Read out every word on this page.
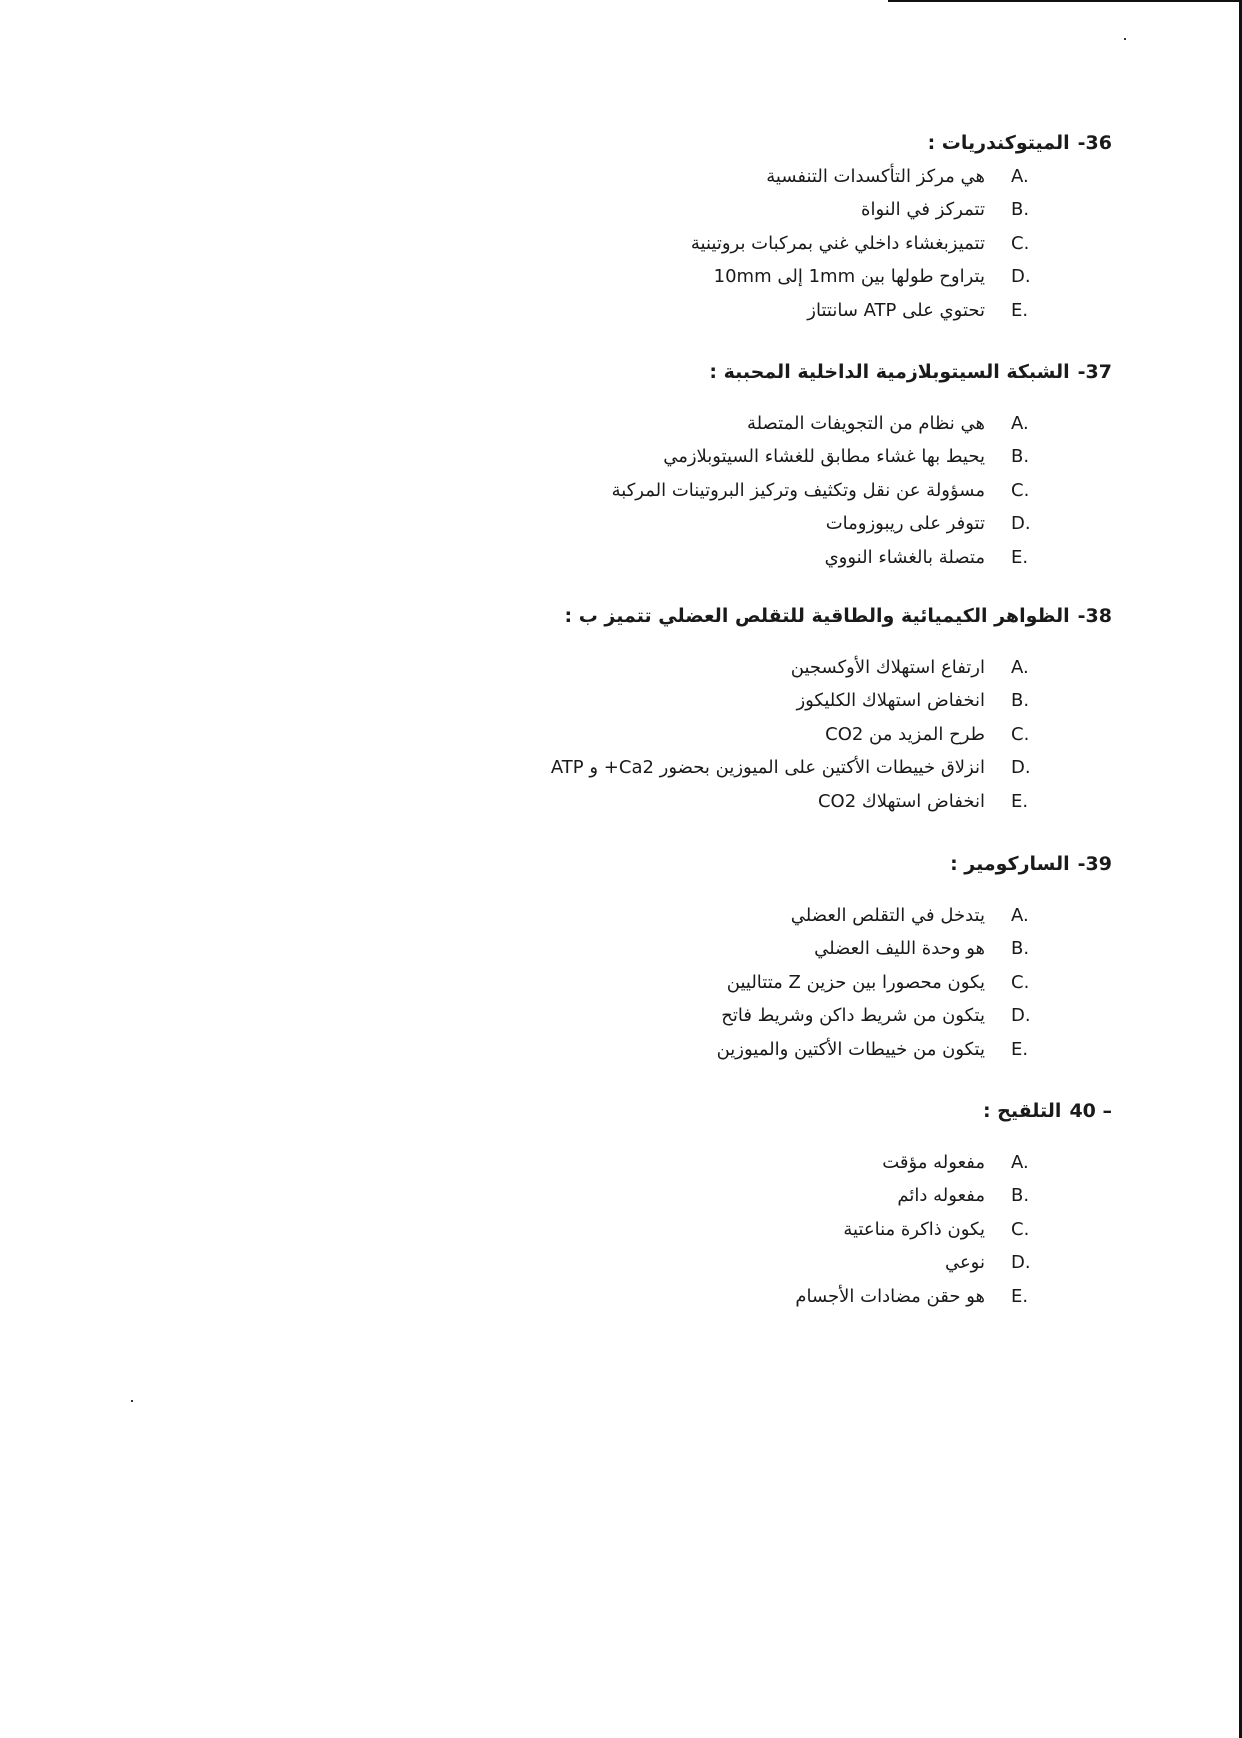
-36الميتوكندريات :
A.
هي مركز التأكسدات التنفسية
B.
تتمركز في النواة
C.
تتميزبغشاء داخلي غني بمركبات بروتينية
D.
يتراوح طولها بين 1mm إلى 10mm
E.
تحتوي على ATP سانتتاز
-37الشبكة السيتوبلازمية الداخلية المحببة :
A.
هي نظام من التجويفات المتصلة
B.
يحيط بها غشاء مطابق للغشاء السيتوبلازمي
C.
مسؤولة عن نقل وتكثيف وتركيز البروتينات المركبة
D.
تتوفر على ريبوزومات
E.
متصلة بالغشاء النووي
-38الظواهر الكيميائية والطاقية للتقلص العضلي تتميز ب :
A.
ارتفاع استهلاك الأوكسجين
B.
انخفاض استهلاك الكليكوز
C.
طرح المزيد من CO2
D.
انزلاق خييطات الأكتين على الميوزين بحضور Ca2+ و ATP
E.
انخفاض استهلاك CO2
-39الساركومير :
A.
يتدخل في التقلص العضلي
B.
هو وحدة الليف العضلي
C.
يكون محصورا بين حزين Z متتاليين
D.
يتكون من شريط داكن وشريط فاتح
E.
يتكون من خييطات الأكتين والميوزين
40 –التلقيح :
A.
مفعوله مؤقت
B.
مفعوله دائم
C.
يكون ذاكرة مناعتية
D.
نوعي
E.
هو حقن مضادات الأجسام
